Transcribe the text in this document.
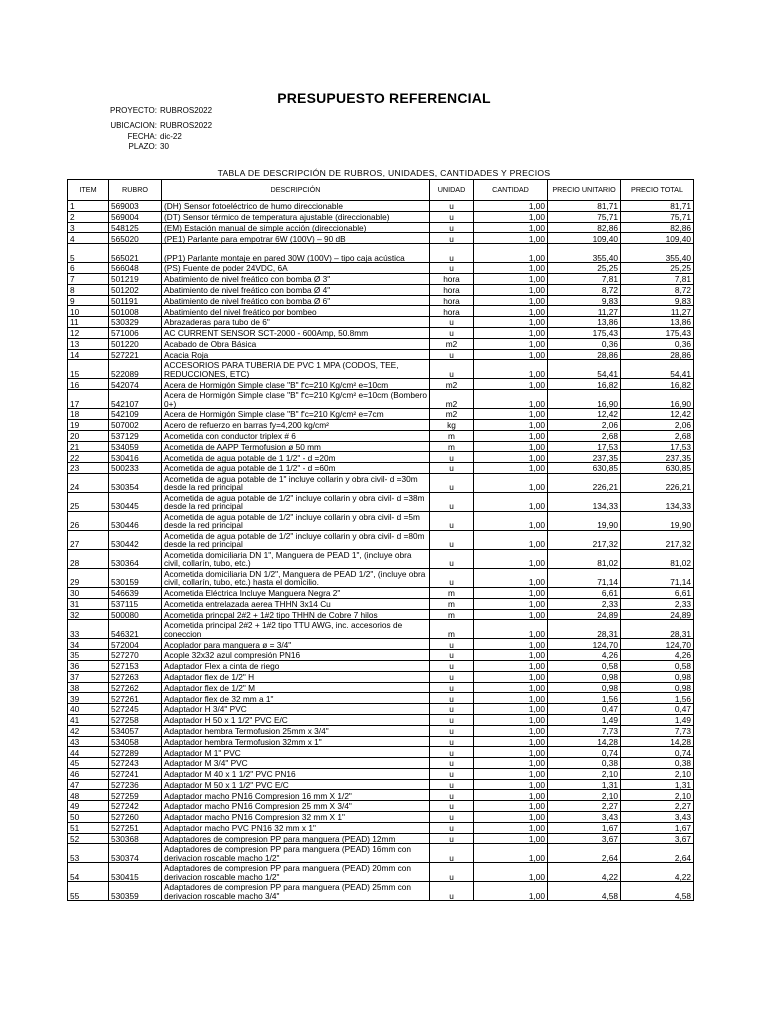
PRESUPUESTO REFERENCIAL
PROYECTO: RUBROS2022
UBICACION: RUBROS2022
FECHA: dic-22
PLAZO: 30
TABLA DE DESCRIPCIÓN DE RUBROS, UNIDADES, CANTIDADES Y PRECIOS
ITEM	RUBRO	DESCRIPCIÓN	UNIDAD	CANTIDAD	PRECIO UNITARIO	PRECIO TOTAL
1	569003	(DH) Sensor fotoeléctrico de humo direccionable	u	1,00	81,71	81,71
2	569004	(DT) Sensor térmico de temperatura ajustable (direccionable)	u	1,00	75,71	75,71
3	548125	(EM) Estación manual de simple acción (direccionable)	u	1,00	82,86	82,86
4	565020	(PE1) Parlante para empotrar 6W (100V) – 90 dB	u	1,00	109,40	109,40
5	565021	(PP1) Parlante montaje en pared 30W (100V) – tipo caja acústica	u	1,00	355,40	355,40
6	566048	(PS) Fuente de poder 24VDC, 6A	u	1,00	25,25	25,25
7	501219	Abatimiento de nivel freático con bomba Ø 3"	hora	1,00	7,81	7,81
8	501202	Abatimiento de nivel freático con bomba Ø 4"	hora	1,00	8,72	8,72
9	501191	Abatimiento de nivel freático con bomba Ø 6"	hora	1,00	9,83	9,83
10	501008	Abatimiento del nivel freático por bombeo	hora	1,00	11,27	11,27
11	530329	Abrazaderas para tubo de 6"	u	1,00	13,86	13,86
12	571006	AC CURRENT SENSOR SCT-2000 - 600Amp, 50.8mm	u	1,00	175,43	175,43
13	501220	Acabado de Obra Básica	m2	1,00	0,36	0,36
14	527221	Acacia Roja	u	1,00	28,86	28,86
15	522089	ACCESORIOS PARA TUBERIA DE PVC 1 MPA (CODOS, TEE, REDUCCIONES, ETC)	u	1,00	54,41	54,41
16	542074	Acera de Hormigón Simple clase "B" f'c=210 Kg/cm² e=10cm	m2	1,00	16,82	16,82
17	542107	Acera de Hormigón Simple clase "B" f'c=210 Kg/cm² e=10cm (Bombero 0+)	m2	1,00	16,90	16,90
18	542109	Acera de Hormigón Simple clase "B" f'c=210 Kg/cm² e=7cm	m2	1,00	12,42	12,42
19	507002	Acero de refuerzo en barras fy=4,200 kg/cm²	kg	1,00	2,06	2,06
20	537129	Acometida con conductor triplex # 6	m	1,00	2,68	2,68
21	534059	Acometida de AAPP Termofusion ø 50 mm	m	1,00	17,53	17,53
22	530416	Acometida de agua potable de 1 1/2" - d =20m	u	1,00	237,35	237,35
23	500233	Acometida de agua potable de 1 1/2" - d =60m	u	1,00	630,85	630,85
24	530354	Acometida de agua potable de 1" incluye collarin y obra civil- d =30m desde la red principal	u	1,00	226,21	226,21
25	530445	Acometida de agua potable de 1/2" incluye collarin y obra civil- d =38m desde la red principal	u	1,00	134,33	134,33
26	530446	Acometida de agua potable de 1/2" incluye collarin y obra civil- d =5m desde la red principal	u	1,00	19,90	19,90
27	530442	Acometida de agua potable de 1/2" incluye collarin y obra civil- d =80m desde la red principal	u	1,00	217,32	217,32
28	530364	Acometida domiciliaria DN 1", Manguera de PEAD 1", (incluye obra civil, collarín, tubo, etc.)	u	1,00	81,02	81,02
29	530159	Acometida domiciliaria DN 1/2", Manguera de PEAD 1/2", (incluye obra civil, collarín, tubo, etc.) hasta el domicilio.	u	1,00	71,14	71,14
30	546639	Acometida Eléctrica Incluye Manguera Negra 2"	m	1,00	6,61	6,61
31	537115	Acometida entrelazada aerea THHN 3x14 Cu	m	1,00	2,33	2,33
32	500080	Acometida princpal 2#2 + 1#2 tipo THHN de Cobre 7 hilos	m	1,00	24,89	24,89
33	546321	Acometida principal 2#2 + 1#2 tipo TTU AWG, inc. accesorios de coneccion	m	1,00	28,31	28,31
34	572004	Acoplador para manguera ø = 3/4"	u	1,00	124,70	124,70
35	527270	Acople 32x32 azul compresión PN16	u	1,00	4,26	4,26
36	527153	Adaptador Flex a cinta de riego	u	1,00	0,58	0,58
37	527263	Adaptador flex de 1/2" H	u	1,00	0,98	0,98
38	527262	Adaptador flex de 1/2" M	u	1,00	0,98	0,98
39	527261	Adaptador flex de 32 mm a 1"	u	1,00	1,56	1,56
40	527245	Adaptador H 3/4" PVC	u	1,00	0,47	0,47
41	527258	Adaptador H 50 x 1 1/2" PVC E/C	u	1,00	1,49	1,49
42	534057	Adaptador hembra Termofusion 25mm x 3/4"	u	1,00	7,73	7,73
43	534058	Adaptador hembra Termofusion 32mm x 1"	u	1,00	14,28	14,28
44	527289	Adaptador M 1" PVC	u	1,00	0,74	0,74
45	527243	Adaptador M 3/4" PVC	u	1,00	0,38	0,38
46	527241	Adaptador M 40 x 1 1/2" PVC PN16	u	1,00	2,10	2,10
47	527236	Adaptador M 50 x 1 1/2" PVC E/C	u	1,00	1,31	1,31
48	527259	Adaptador macho PN16 Compresion 16 mm X 1/2"	u	1,00	2,10	2,10
49	527242	Adaptador macho PN16 Compresion 25 mm X 3/4"	u	1,00	2,27	2,27
50	527260	Adaptador macho PN16 Compresion 32 mm X 1"	u	1,00	3,43	3,43
51	527251	Adaptador macho PVC PN16 32 mm x 1"	u	1,00	1,67	1,67
52	530368	Adaptadores de compresion PP para manguera (PEAD) 12mm	u	1,00	3,67	3,67
53	530374	Adaptadores de compresion PP para manguera (PEAD) 16mm con derivacion roscable macho 1/2"	u	1,00	2,64	2,64
54	530415	Adaptadores de compresion PP para manguera (PEAD) 20mm con derivacion roscable macho 1/2"	u	1,00	4,22	4,22
55	530359	Adaptadores de compresion PP para manguera (PEAD) 25mm con derivacion roscable macho 3/4"	u	1,00	4,58	4,58
